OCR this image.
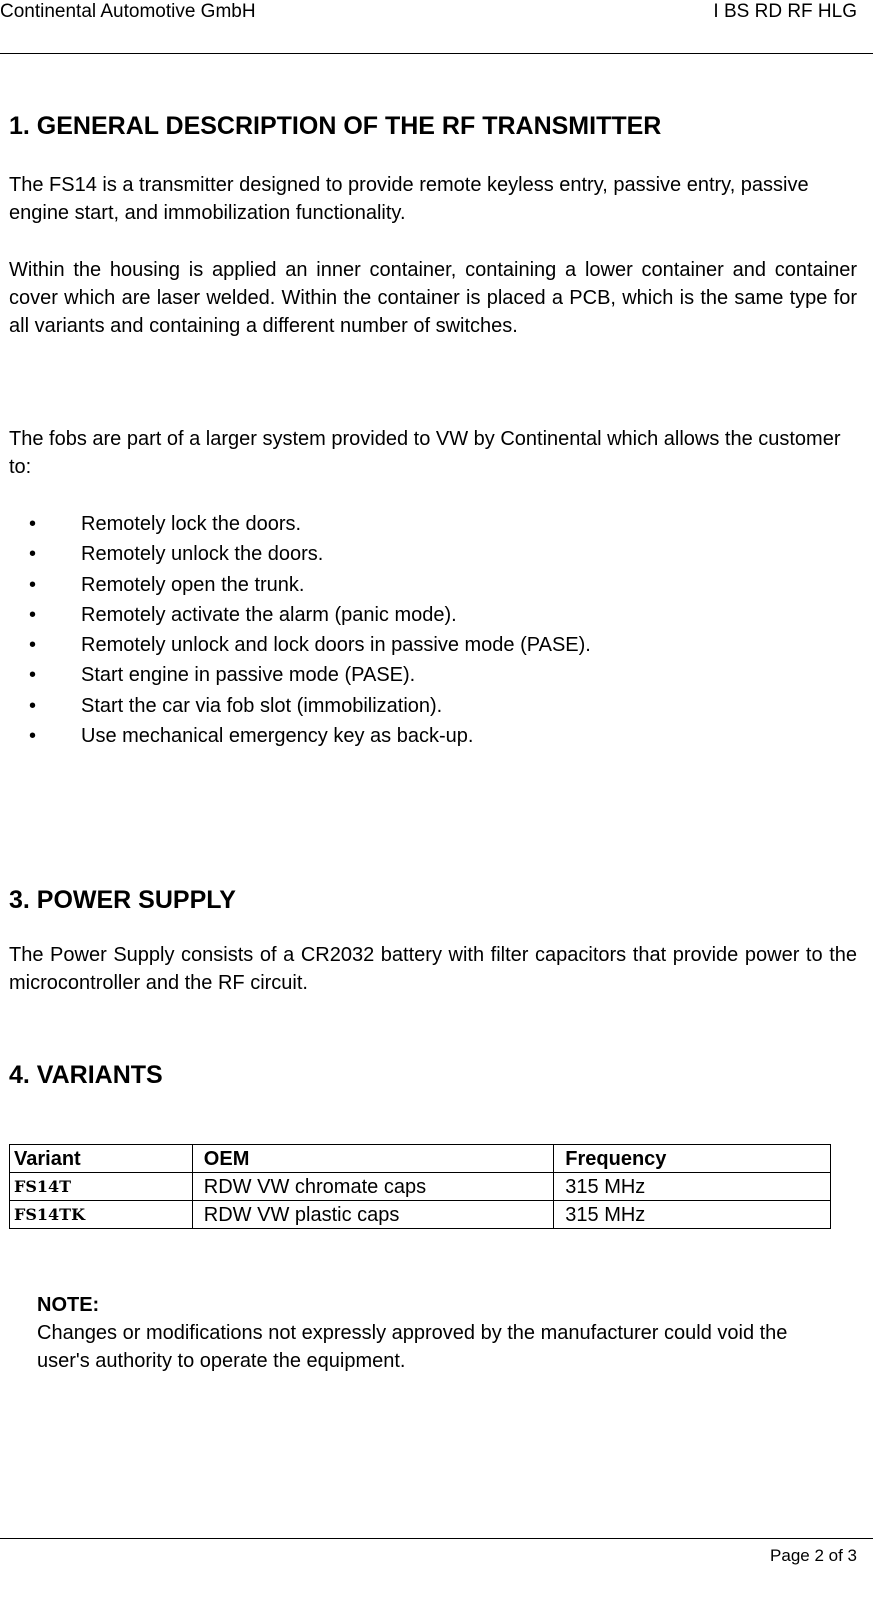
Continental Automotive GmbH	I BS RD RF HLG
1. GENERAL DESCRIPTION OF THE RF TRANSMITTER

The FS14 is a transmitter designed to provide remote keyless entry, passive entry, passive engine start, and immobilization functionality.

Within the housing is applied an inner container, containing a lower container and container cover which are laser welded. Within the container is placed a PCB, which is the same type for all variants and containing a different number of switches.

The fobs are part of a larger system provided to VW by Continental which allows the customer to:

• Remotely lock the doors.
• Remotely unlock the doors.
• Remotely open the trunk.
• Remotely activate the alarm (panic mode).
• Remotely unlock and lock doors in passive mode (PASE).
• Start engine in passive mode (PASE).
• Start the car via fob slot (immobilization).
• Use mechanical emergency key as back-up.
3. POWER SUPPLY

The Power Supply consists of a CR2032 battery with filter capacitors that provide power to the microcontroller and the RF circuit.

4. VARIANTS
Variant	OEM	Frequency
FS14T	RDW VW chromate caps	315 MHz
FS14TK	RDW VW plastic caps	315 MHz
NOTE:

Changes or modifications not expressly approved by the manufacturer could void the user's authority to operate the equipment.

Page 2 of 3
